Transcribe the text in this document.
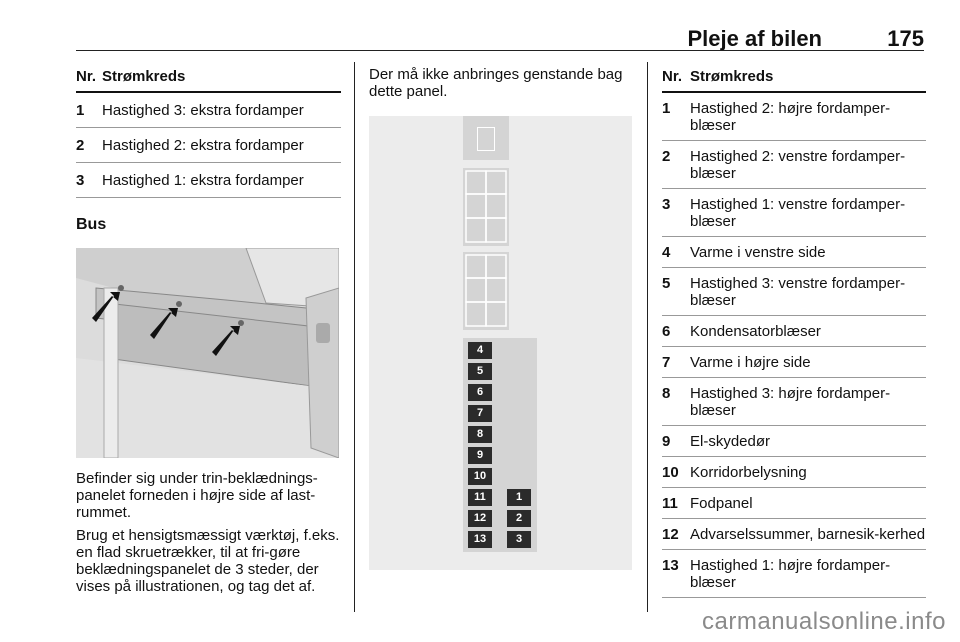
Pleje af bilen	175
Nr.	Strømkreds
1	Hastighed 3: ekstra fordamper
2	Hastighed 2: ekstra fordamper
3	Hastighed 1: ekstra fordamper
Bus
Befinder sig under trin-beklædnings-panelet forneden i højre side af last-rummet.
Brug et hensigtsmæssigt værktøj, f.eks. en flad skruetrækker, til at fri-gøre beklædningspanelet de 3 steder, der vises på illustrationen, og tag det af.
Der må ikke anbringes genstande bag dette panel.
4
5
6
7
8
9
10
11
12
13
1
2
3
Nr.	Strømkreds
1	Hastighed 2: højre fordamper-blæser
2	Hastighed 2: venstre fordamper-blæser
3	Hastighed 1: venstre fordamper-blæser
4	Varme i venstre side
5	Hastighed 3: venstre fordamper-blæser
6	Kondensatorblæser
7	Varme i højre side
8	Hastighed 3: højre fordamper-blæser
9	El-skydedør
10	Korridorbelysning
11	Fodpanel
12	Advarselssummer, barnesik-kerhed
13	Hastighed 1: højre fordamper-blæser
carmanualsonline.info
